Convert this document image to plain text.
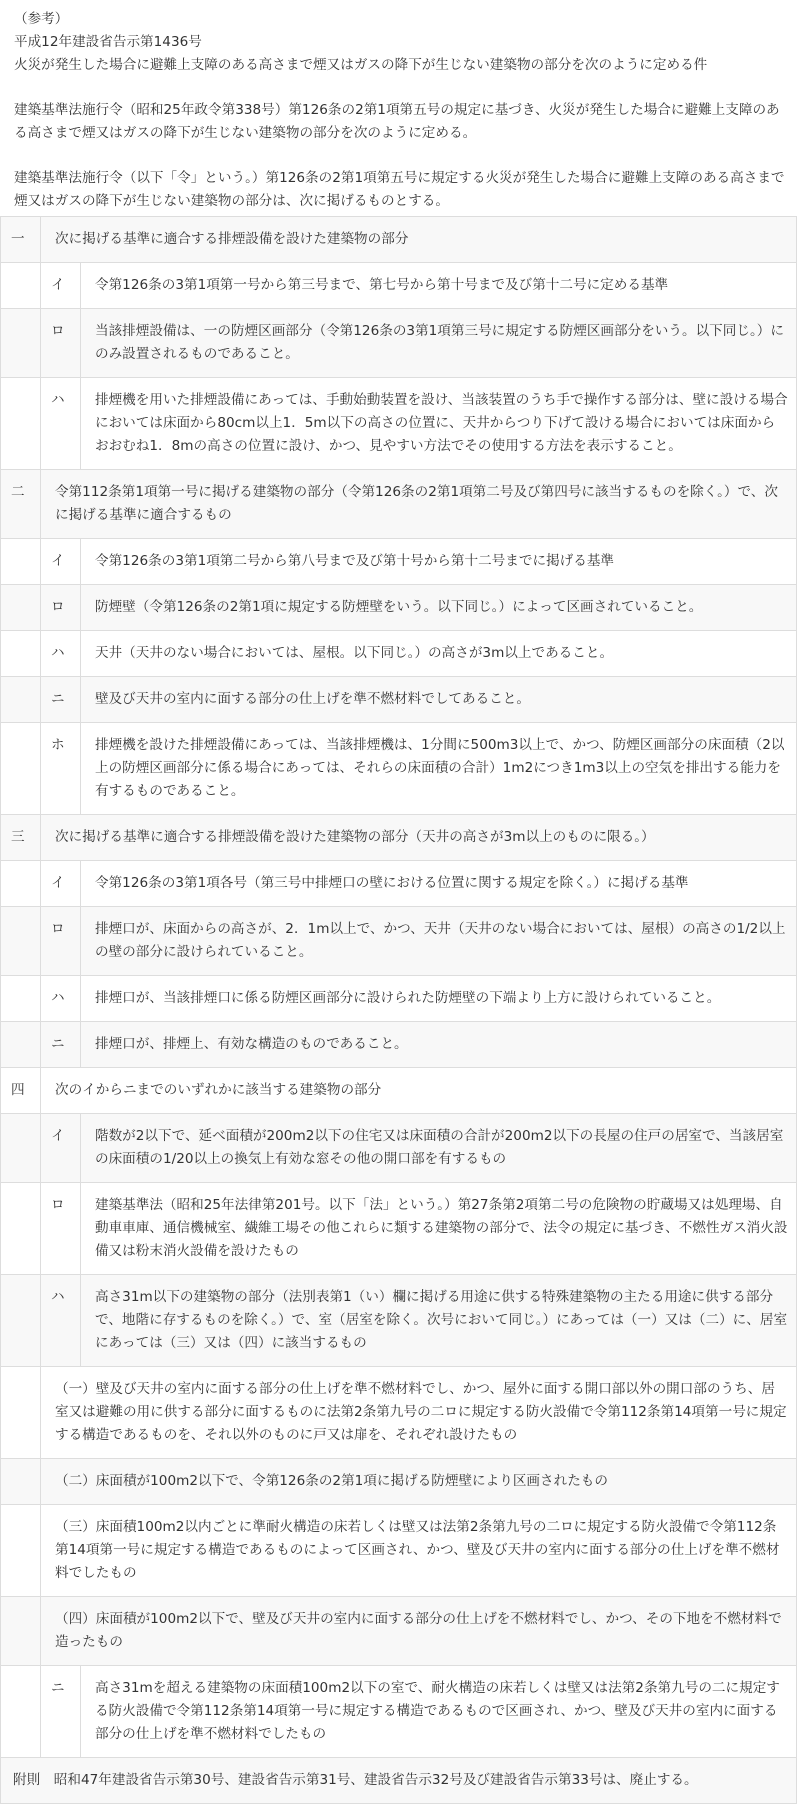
（参考）

平成12年建設省告示第1436号

火災が発生した場合に避難上支障のある高さまで煙又はガスの降下が生じない建築物の部分を次のように定める件

建築基準法施行令（昭和25年政令第338号）第126条の2第1項第五号の規定に基づき、火災が発生した場合に避難上支障のある高さまで煙又はガスの降下が生じない建築物の部分を次のように定める。

建築基準法施行令（以下「令」という。）第126条の2第1項第五号に規定する火災が発生した場合に避難上支障のある高さまで煙又はガスの降下が生じない建築物の部分は、次に掲げるものとする。

一	次に掲げる基準に適合する排煙設備を設けた建築物の部分	
	イ	令第126条の3第1項第一号から第三号まで、第七号から第十号まで及び第十二号に定める基準
	ロ	当該排煙設備は、一の防煙区画部分（令第126条の3第1項第三号に規定する防煙区画部分をいう。以下同じ。）にのみ設置されるものであること。
	ハ	排煙機を用いた排煙設備にあっては、手動始動装置を設け、当該装置のうち手で操作する部分は、壁に設ける場合においては床面から80cm以上1．5m以下の高さの位置に、天井からつり下げて設ける場合においては床面からおおむね1．8mの高さの位置に設け、かつ、見やすい方法でその使用する方法を表示すること。
二	令第112条第1項第一号に掲げる建築物の部分（令第126条の2第1項第二号及び第四号に該当するものを除く。）で、次に掲げる基準に適合するもの	
	イ	令第126条の3第1項第二号から第八号まで及び第十号から第十二号までに掲げる基準
	ロ	防煙壁（令第126条の2第1項に規定する防煙壁をいう。以下同じ。）によって区画されていること。
	ハ	天井（天井のない場合においては、屋根。以下同じ。）の高さが3m以上であること。
	ニ	壁及び天井の室内に面する部分の仕上げを準不燃材料でしてあること。
	ホ	排煙機を設けた排煙設備にあっては、当該排煙機は、1分間に500m3以上で、かつ、防煙区画部分の床面積（2以上の防煙区画部分に係る場合にあっては、それらの床面積の合計）1m2につき1m3以上の空気を排出する能力を有するものであること。
三	次に掲げる基準に適合する排煙設備を設けた建築物の部分（天井の高さが3m以上のものに限る。）	
	イ	令第126条の3第1項各号（第三号中排煙口の壁における位置に関する規定を除く。）に掲げる基準
	ロ	排煙口が、床面からの高さが、2．1m以上で、かつ、天井（天井のない場合においては、屋根）の高さの1/2以上の壁の部分に設けられていること。
	ハ	排煙口が、当該排煙口に係る防煙区画部分に設けられた防煙壁の下端より上方に設けられていること。
	ニ	排煙口が、排煙上、有効な構造のものであること。
四	次のイからニまでのいずれかに該当する建築物の部分	
	イ	階数が2以下で、延べ面積が200m2以下の住宅又は床面積の合計が200m2以下の長屋の住戸の居室で、当該居室の床面積の1/20以上の換気上有効な窓その他の開口部を有するもの
	ロ	建築基準法（昭和25年法律第201号。以下「法」という。）第27条第2項第二号の危険物の貯蔵場又は処理場、自動車車庫、通信機械室、繊維工場その他これらに類する建築物の部分で、法令の規定に基づき、不燃性ガス消火設備又は粉末消火設備を設けたもの
	ハ	高さ31m以下の建築物の部分（法別表第1（い）欄に掲げる用途に供する特殊建築物の主たる用途に供する部分で、地階に存するものを除く。）で、室（居室を除く。次号において同じ。）にあっては（一）又は（二）に、居室にあっては（三）又は（四）に該当するもの
	（一）壁及び天井の室内に面する部分の仕上げを準不燃材料でし、かつ、屋外に面する開口部以外の開口部のうち、居室又は避難の用に供する部分に面するものに法第2条第九号の二ロに規定する防火設備で令第112条第14項第一号に規定する構造であるものを、それ以外のものに戸又は扉を、それぞれ設けたもの	
	（二）床面積が100m2以下で、令第126条の2第1項に掲げる防煙壁により区画されたもの	
	（三）床面積100m2以内ごとに準耐火構造の床若しくは壁又は法第2条第九号の二ロに規定する防火設備で令第112条第14項第一号に規定する構造であるものによって区画され、かつ、壁及び天井の室内に面する部分の仕上げを準不燃材料でしたもの	
	（四）床面積が100m2以下で、壁及び天井の室内に面する部分の仕上げを不燃材料でし、かつ、その下地を不燃材料で造ったもの	
	ニ	高さ31mを超える建築物の床面積100m2以下の室で、耐火構造の床若しくは壁又は法第2条第九号の二に規定する防火設備で令第112条第14項第一号に規定する構造であるもので区画され、かつ、壁及び天井の室内に面する部分の仕上げを準不燃材料でしたもの
附則　 昭和47年建設省告示第30号、建設省告示第31号、建設省告示32号及び建設省告示第33号は、廃止する。		
